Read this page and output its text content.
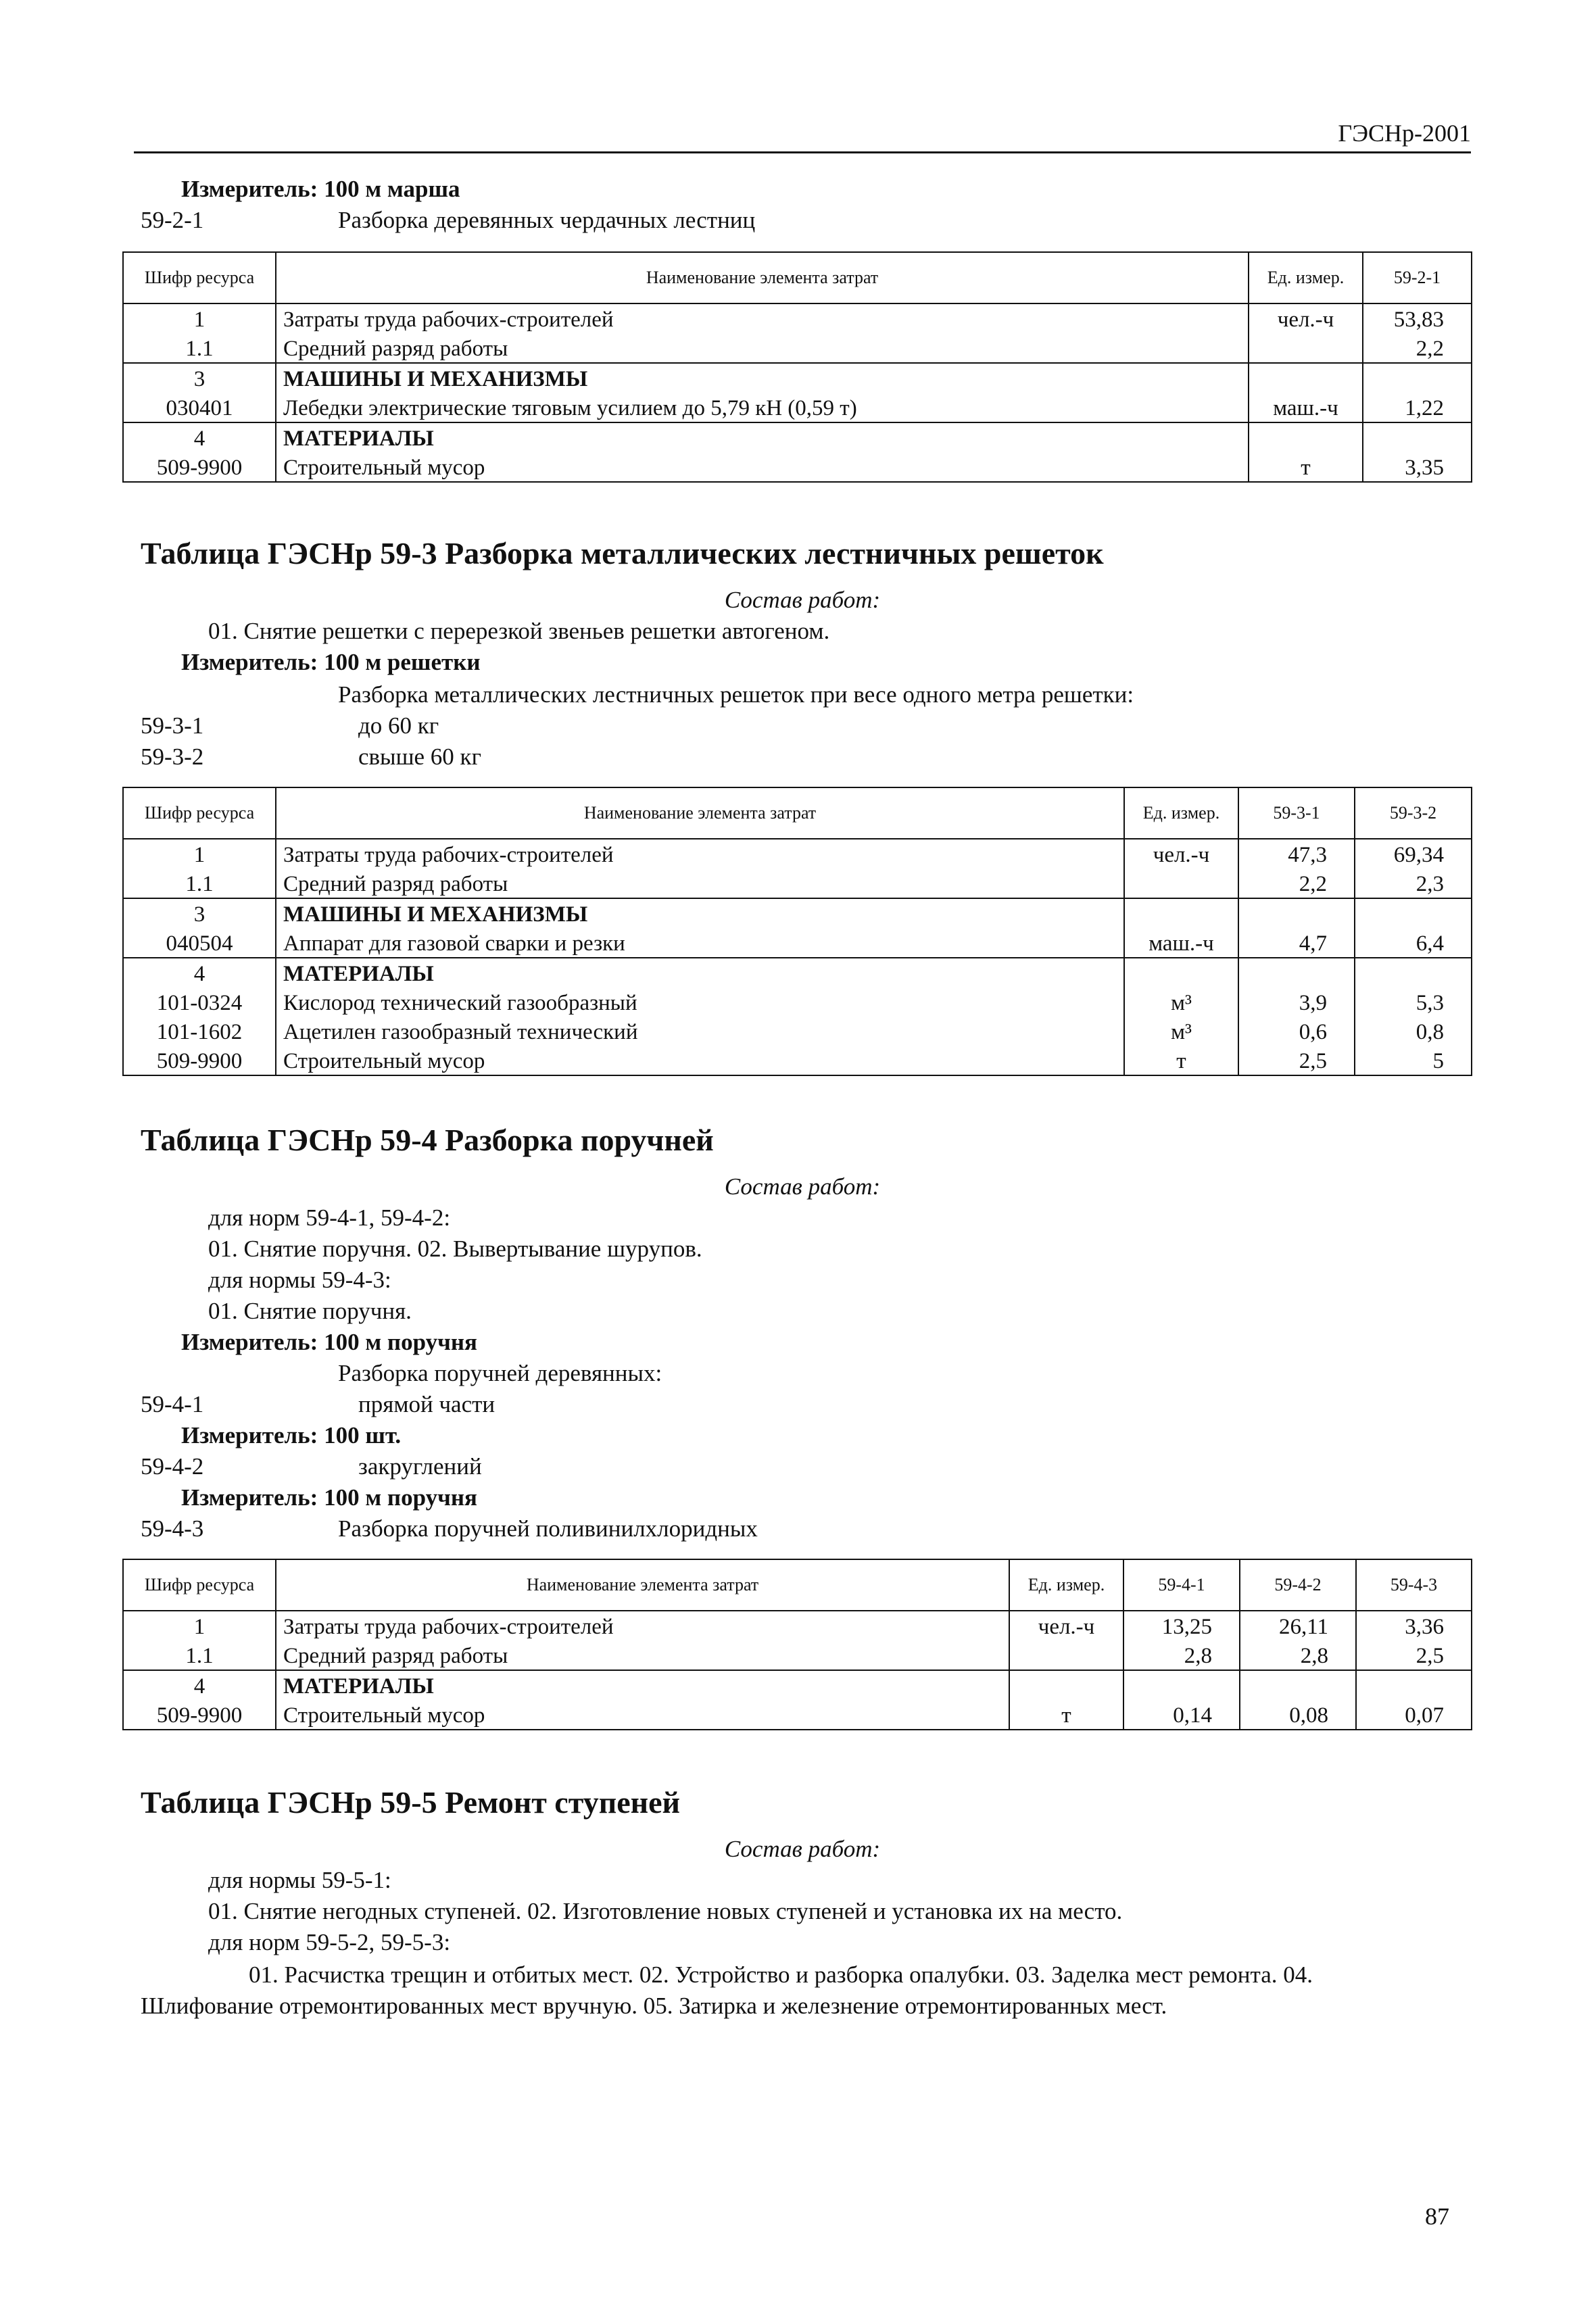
ГЭСНр-2001
Измеритель: 100 м марша
59-2-1	Разборка деревянных чердачных лестниц
Шифр ресурса	Наименование элемента затрат	Ед. измер.	59-2-1
1	Затраты труда рабочих-строителей	чел.-ч	53,83
1.1	Средний разряд работы		2,2
3	МАШИНЫ И МЕХАНИЗМЫ		
030401	Лебедки электрические тяговым усилием до 5,79 кН (0,59 т)	маш.-ч	1,22
4	МАТЕРИАЛЫ		
509-9900	Строительный мусор	т	3,35
Таблица ГЭСНр 59-3 Разборка металлических лестничных решеток
Состав работ:
01. Снятие решетки с перерезкой звеньев решетки автогеном.
Измеритель: 100 м решетки
Разборка металлических лестничных решеток при весе одного метра решетки:
59-3-1	до 60 кг
59-3-2	свыше 60 кг
Шифр ресурса	Наименование элемента затрат	Ед. измер.	59-3-1	59-3-2
1	Затраты труда рабочих-строителей	чел.-ч	47,3	69,34
1.1	Средний разряд работы		2,2	2,3
3	МАШИНЫ И МЕХАНИЗМЫ			
040504	Аппарат для газовой сварки и резки	маш.-ч	4,7	6,4
4	МАТЕРИАЛЫ			
101-0324	Кислород технический газообразный	м³	3,9	5,3
101-1602	Ацетилен газообразный технический	м³	0,6	0,8
509-9900	Строительный мусор	т	2,5	5
Таблица ГЭСНр 59-4 Разборка поручней
Состав работ:
для норм 59-4-1, 59-4-2:
01. Снятие поручня. 02. Вывертывание шурупов.
для нормы 59-4-3:
01. Снятие поручня.
Измеритель: 100 м поручня
Разборка поручней деревянных:
59-4-1	прямой части
Измеритель: 100 шт.
59-4-2	закруглений
Измеритель: 100 м поручня
59-4-3	Разборка поручней поливинилхлоридных
Шифр ресурса	Наименование элемента затрат	Ед. измер.	59-4-1	59-4-2	59-4-3
1	Затраты труда рабочих-строителей	чел.-ч	13,25	26,11	3,36
1.1	Средний разряд работы		2,8	2,8	2,5
4	МАТЕРИАЛЫ				
509-9900	Строительный мусор	т	0,14	0,08	0,07
Таблица ГЭСНр 59-5 Ремонт ступеней
Состав работ:
для нормы 59-5-1:
01. Снятие негодных ступеней. 02. Изготовление новых ступеней и установка их на место.
для норм 59-5-2, 59-5-3:
01. Расчистка трещин и отбитых мест. 02. Устройство и разборка опалубки. 03. Заделка мест ремонта. 04.
Шлифование отремонтированных мест вручную. 05. Затирка и железнение отремонтированных мест.
87
